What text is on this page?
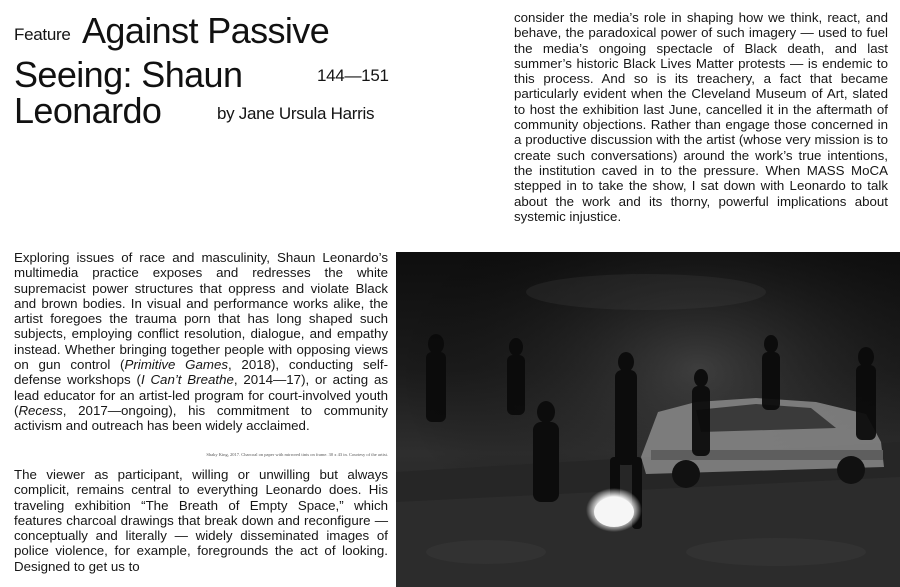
Feature Against Passive
Seeing: Shaun
Leonardo
144—151
by Jane Ursula Harris

consider the media’s role in shaping how we think, react, and behave, the paradoxical power of such imagery — used to fuel the media’s ongoing spectacle of Black death, and last summer’s historic Black Lives Matter protests — is endemic to this process. And so is its treachery, a fact that became particularly evident when the Cleveland Museum of Art, slated to host the exhibition last June, cancelled it in the aftermath of community objections. Rather than engage those concerned in a productive discussion with the artist (whose very mission is to create such conversations) around the work’s true intentions, the institution caved in to the pressure. When MASS MoCA stepped in to take the show, I sat down with Leonardo to talk about the work and its thorny, powerful implications about systemic injustice.

Exploring issues of race and masculinity, Shaun Leonardo’s multimedia practice exposes and redresses the white supremacist power structures that oppress and violate Black and brown bodies. In visual and performance works alike, the artist foregoes the trauma porn that has long shaped such subjects, employing conflict resolution, dialogue, and empathy instead. Whether bringing together people with opposing views on gun control (Primitive Games, 2018), conducting self-defense workshops (I Can’t Breathe, 2014—17), or acting as lead educator for an artist-led program for court-involved youth (Recess, 2017—ongoing), his commitment to community activism and outreach has been widely acclaimed.

Shaky King, 2017. Charcoal on paper with mirrored tints on frame. 30 x 43 in. Courtesy of the artist.

The viewer as participant, willing or unwilling but always complicit, remains central to everything Leonardo does. His traveling exhibition “The Breath of Empty Space,” which features charcoal drawings that break down and reconfigure — conceptually and literally — widely disseminated images of police violence, for example, foregrounds the act of looking. Designed to get us to
